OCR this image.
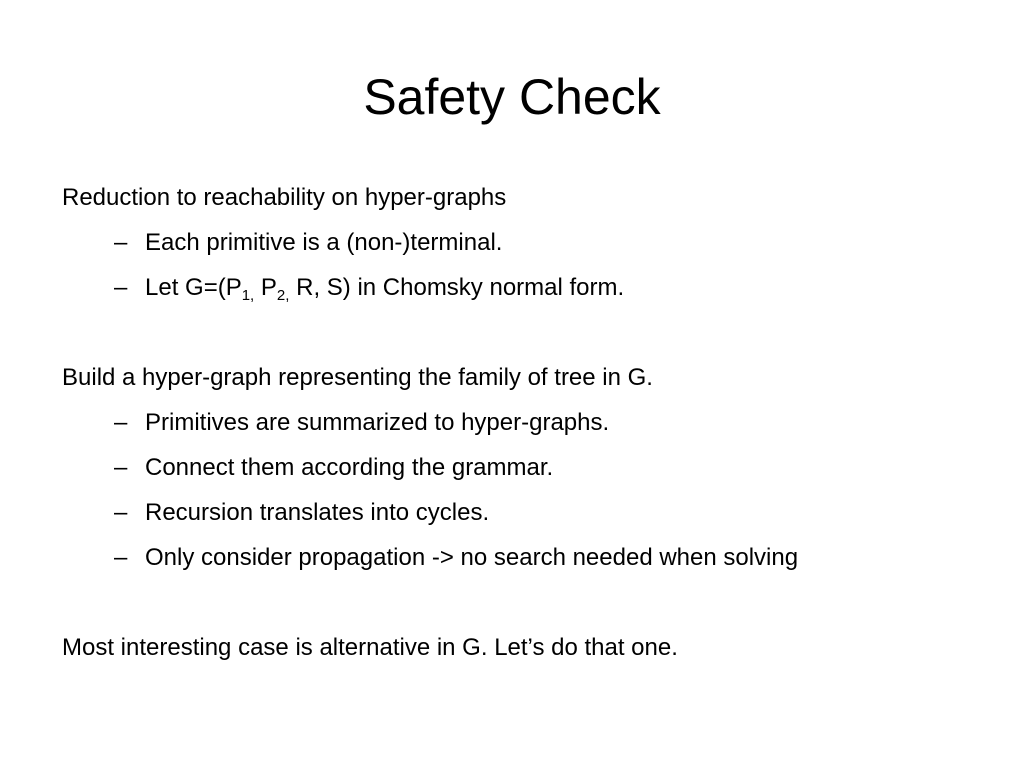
Safety Check
Reduction to reachability on hyper-graphs
– Each primitive is a (non-)terminal.
– Let $G=(P_{1,}$ $P_{2,}$ R, S) in Chomsky normal form.
Build a hyper-graph representing the family of tree in G.
– Primitives are summarized to hyper-graphs.
– Connect them according the grammar.
– Recursion translates into cycles.
– Only consider propagation -> no search needed when solving
Most interesting case is alternative in G. Let’s do that one.
